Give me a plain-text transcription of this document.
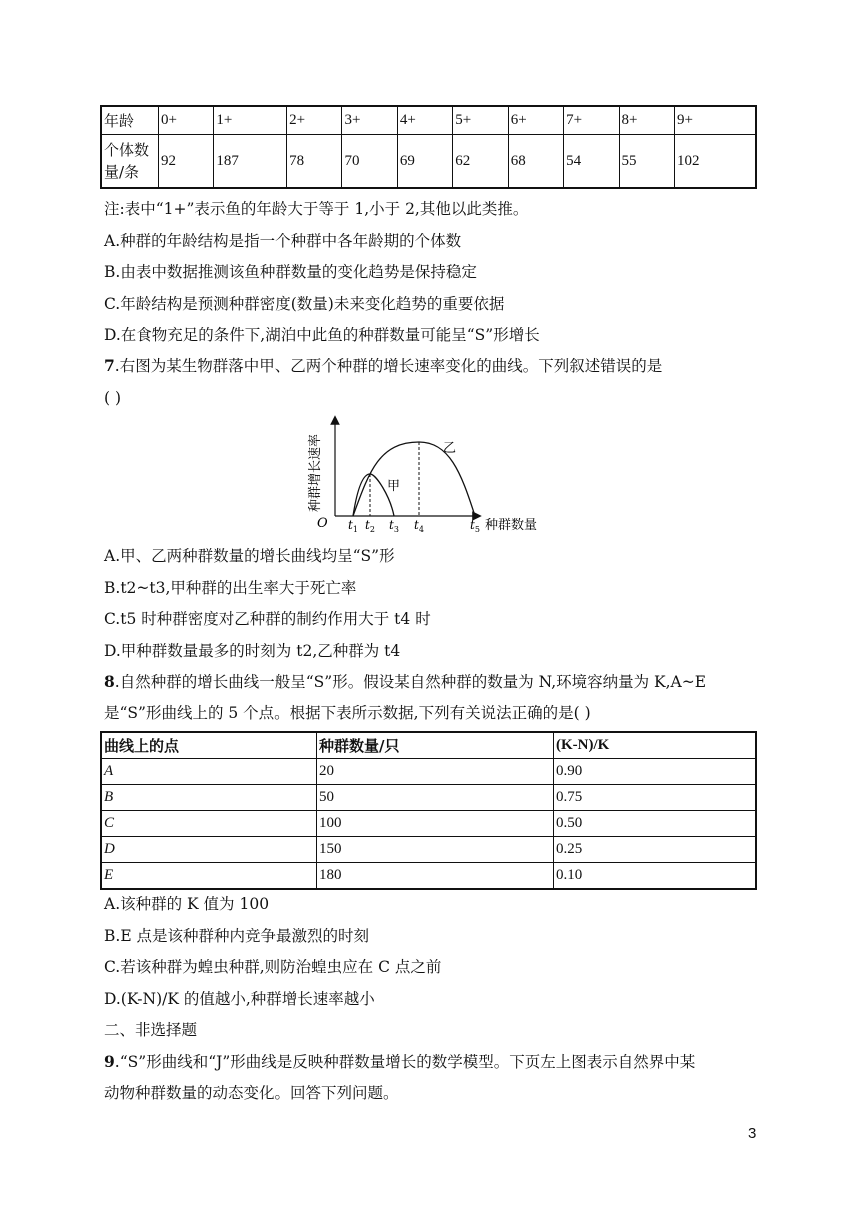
年龄	0+	1+	2+	3+	4+	5+	6+	7+	8+	9+
个体数量/条	92	187	78	70	69	62	68	54	55	102
注:表中“1+”表示鱼的年龄大于等于 1,小于 2,其他以此类推。
A.种群的年龄结构是指一个种群中各年龄期的个体数
B.由表中数据推测该鱼种群数量的变化趋势是保持稳定
C.年龄结构是预测种群密度(数量)未来变化趋势的重要依据
D.在食物充足的条件下,湖泊中此鱼的种群数量可能呈“S”形增长
7.右图为某生物群落中甲、乙两个种群的增长速率变化的曲线。下列叙述错误的是
( )
种群增长速率
种群数量
O $t_1$ $t_2$ $t_3$ $t_4$	$t_5$
甲
乙
A.甲、乙两种群数量的增长曲线均呈“S”形
B.t2~t3,甲种群的出生率大于死亡率
C.t5 时种群密度对乙种群的制约作用大于 t4 时
D.甲种群数量最多的时刻为 t2,乙种群为 t4
8.自然种群的增长曲线一般呈“S”形。假设某自然种群的数量为 N,环境容纳量为 K,A~E
是“S”形曲线上的 5 个点。根据下表所示数据,下列有关说法正确的是( )
曲线上的点	种群数量/只	(K-N)/K
A	20	0.90
B	50	0.75
C	100	0.50
D	150	0.25
E	180	0.10
A.该种群的 K 值为 100
B.E 点是该种群种内竞争最激烈的时刻
C.若该种群为蝗虫种群,则防治蝗虫应在 C 点之前
D.(K-N)/K 的值越小,种群增长速率越小
二、非选择题
9.“S”形曲线和“J”形曲线是反映种群数量增长的数学模型。下页左上图表示自然界中某
动物种群数量的动态变化。回答下列问题。
3
